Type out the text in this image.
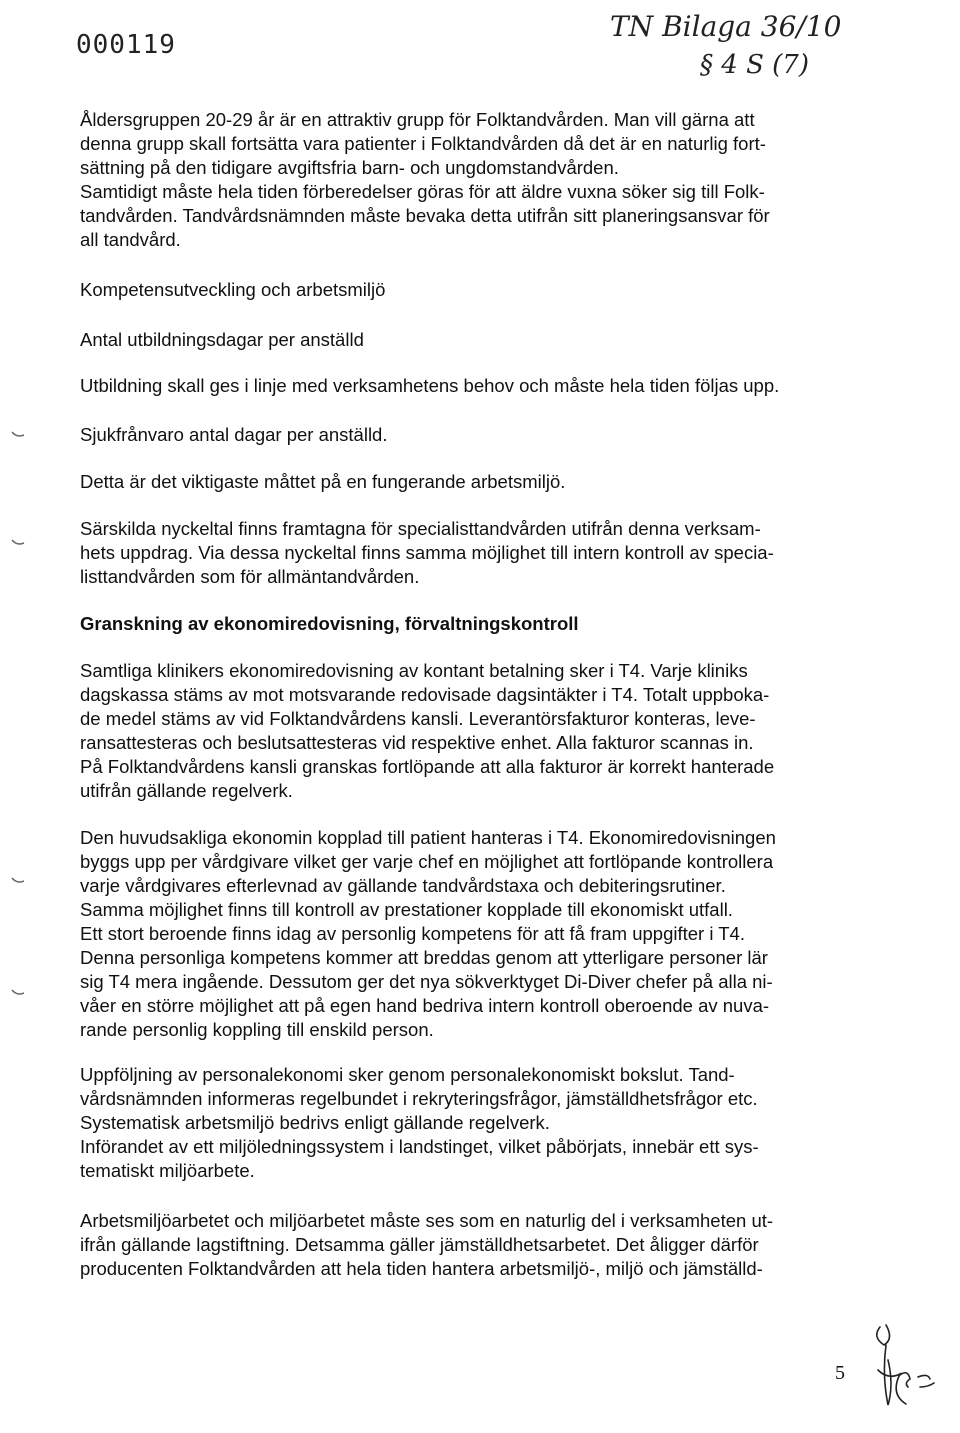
000119
TN Bilaga 36/10
§ 4 S (7)
Åldersgruppen 20-29 år är en attraktiv grupp för Folktandvården. Man vill gärna att
denna grupp skall fortsätta vara patienter i Folktandvården då det är en naturlig fort-
sättning på den tidigare avgiftsfria barn- och ungdomstandvården.
Samtidigt måste hela tiden förberedelser göras för att äldre vuxna söker sig till Folk-
tandvården. Tandvårdsnämnden måste bevaka detta utifrån sitt planeringsansvar för
all tandvård.
Kompetensutveckling och arbetsmiljö
Antal utbildningsdagar per anställd
Utbildning skall ges i linje med verksamhetens behov och måste hela tiden följas upp.
Sjukfrånvaro antal dagar per anställd.
Detta är det viktigaste måttet på en fungerande arbetsmiljö.
Särskilda nyckeltal finns framtagna för specialisttandvården utifrån denna verksam-
hets uppdrag. Via dessa nyckeltal finns samma möjlighet till intern kontroll av specia-
listtandvården som för allmäntandvården.
Granskning av ekonomiredovisning, förvaltningskontroll
Samtliga klinikers ekonomiredovisning av kontant betalning sker i T4. Varje kliniks
dagskassa stäms av mot motsvarande redovisade dagsintäkter i T4. Totalt uppboka-
de medel stäms av vid Folktandvårdens kansli. Leverantörsfakturor konteras, leve-
ransattesteras och beslutsattesteras vid respektive enhet. Alla fakturor scannas in.
På Folktandvårdens kansli granskas fortlöpande att alla fakturor är korrekt hanterade
utifrån gällande regelverk.
Den huvudsakliga ekonomin kopplad till patient hanteras i T4. Ekonomiredovisningen
byggs upp per vårdgivare vilket ger varje chef en möjlighet att fortlöpande kontrollera
varje vårdgivares efterlevnad av gällande tandvårdstaxa och debiteringsrutiner.
Samma möjlighet finns till kontroll av prestationer kopplade till ekonomiskt utfall.
Ett stort beroende finns idag av personlig kompetens för att få fram uppgifter i T4.
Denna personliga kompetens kommer att breddas genom att ytterligare personer lär
sig T4 mera ingående. Dessutom ger det nya sökverktyget Di-Diver chefer på alla ni-
våer en större möjlighet att på egen hand bedriva intern kontroll oberoende av nuva-
rande personlig koppling till enskild person.
Uppföljning av personalekonomi sker genom personalekonomiskt bokslut. Tand-
vårdsnämnden informeras regelbundet i rekryteringsfrågor, jämställdhetsfrågor etc.
Systematisk arbetsmiljö bedrivs enligt gällande regelverk.
Införandet av ett miljöledningssystem i landstinget, vilket påbörjats, innebär ett sys-
tematiskt miljöarbete.
Arbetsmiljöarbetet och miljöarbetet måste ses som en naturlig del i verksamheten ut-
ifrån gällande lagstiftning. Detsamma gäller jämställdhetsarbetet. Det åligger därför
producenten Folktandvården att hela tiden hantera arbetsmiljö-, miljö och jämställd-
5
